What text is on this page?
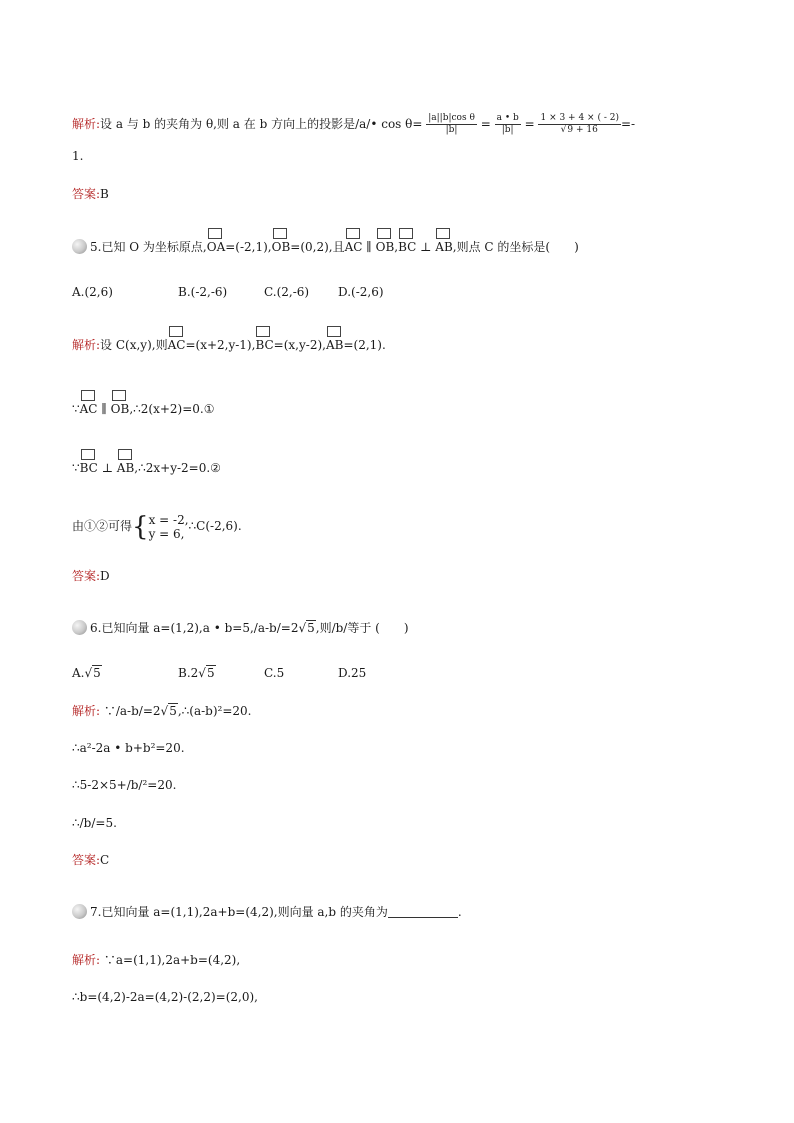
解析:设 a 与 b 的夹角为 θ,则 a 在 b 方向上的投影是/a/• $\cos \theta= \frac{\text{|a||b|cos θ}}{|b|} = \frac{a • b}{|b|} = \frac{1 \times 3 + 4 \times ( - 2)}{√9 + 16}$ =-
1.
答案:B
5.已知 O 为坐标原点,
OA=(-2,1),
OB=(0,2),且
AC ∥
OB,
BC ⊥
AB,则点 C 的坐标是(　　)
A.(2,6)	B.(-2,-6)	C.(2,-6) D.(-2,6)
解析:设 C(x,y),则
AC=(x+2,y-1),
BC=(x,y-2),
AB=(2,1).
∵
AC ∥
OB,∴2(x+2)=0.①
∵
BC ⊥
AB,∴2x+y-2=0.②
由①②可得{ x = -2,
y = 6,
∴C(-2,6).
答案:D
6.已知向量 a=(1,2),a • b=5,/a-b/=2√5,则/b/等于 (　　)
A.√5	B.2√5	C.5	D.25
解析: ∵/a-b/=2√5,∴(a-b)²=20.
∴a²-2a • b+b²=20.
∴5-2×5+/b/²=20.
∴/b/=5.
答案:C
7.已知向量 a=(1,1),2a+b=(4,2),则向量 a,b 的夹角为	.
解析: ∵a=(1,1),2a+b=(4,2),
∴b=(4,2)-2a=(4,2)-(2,2)=(2,0),
